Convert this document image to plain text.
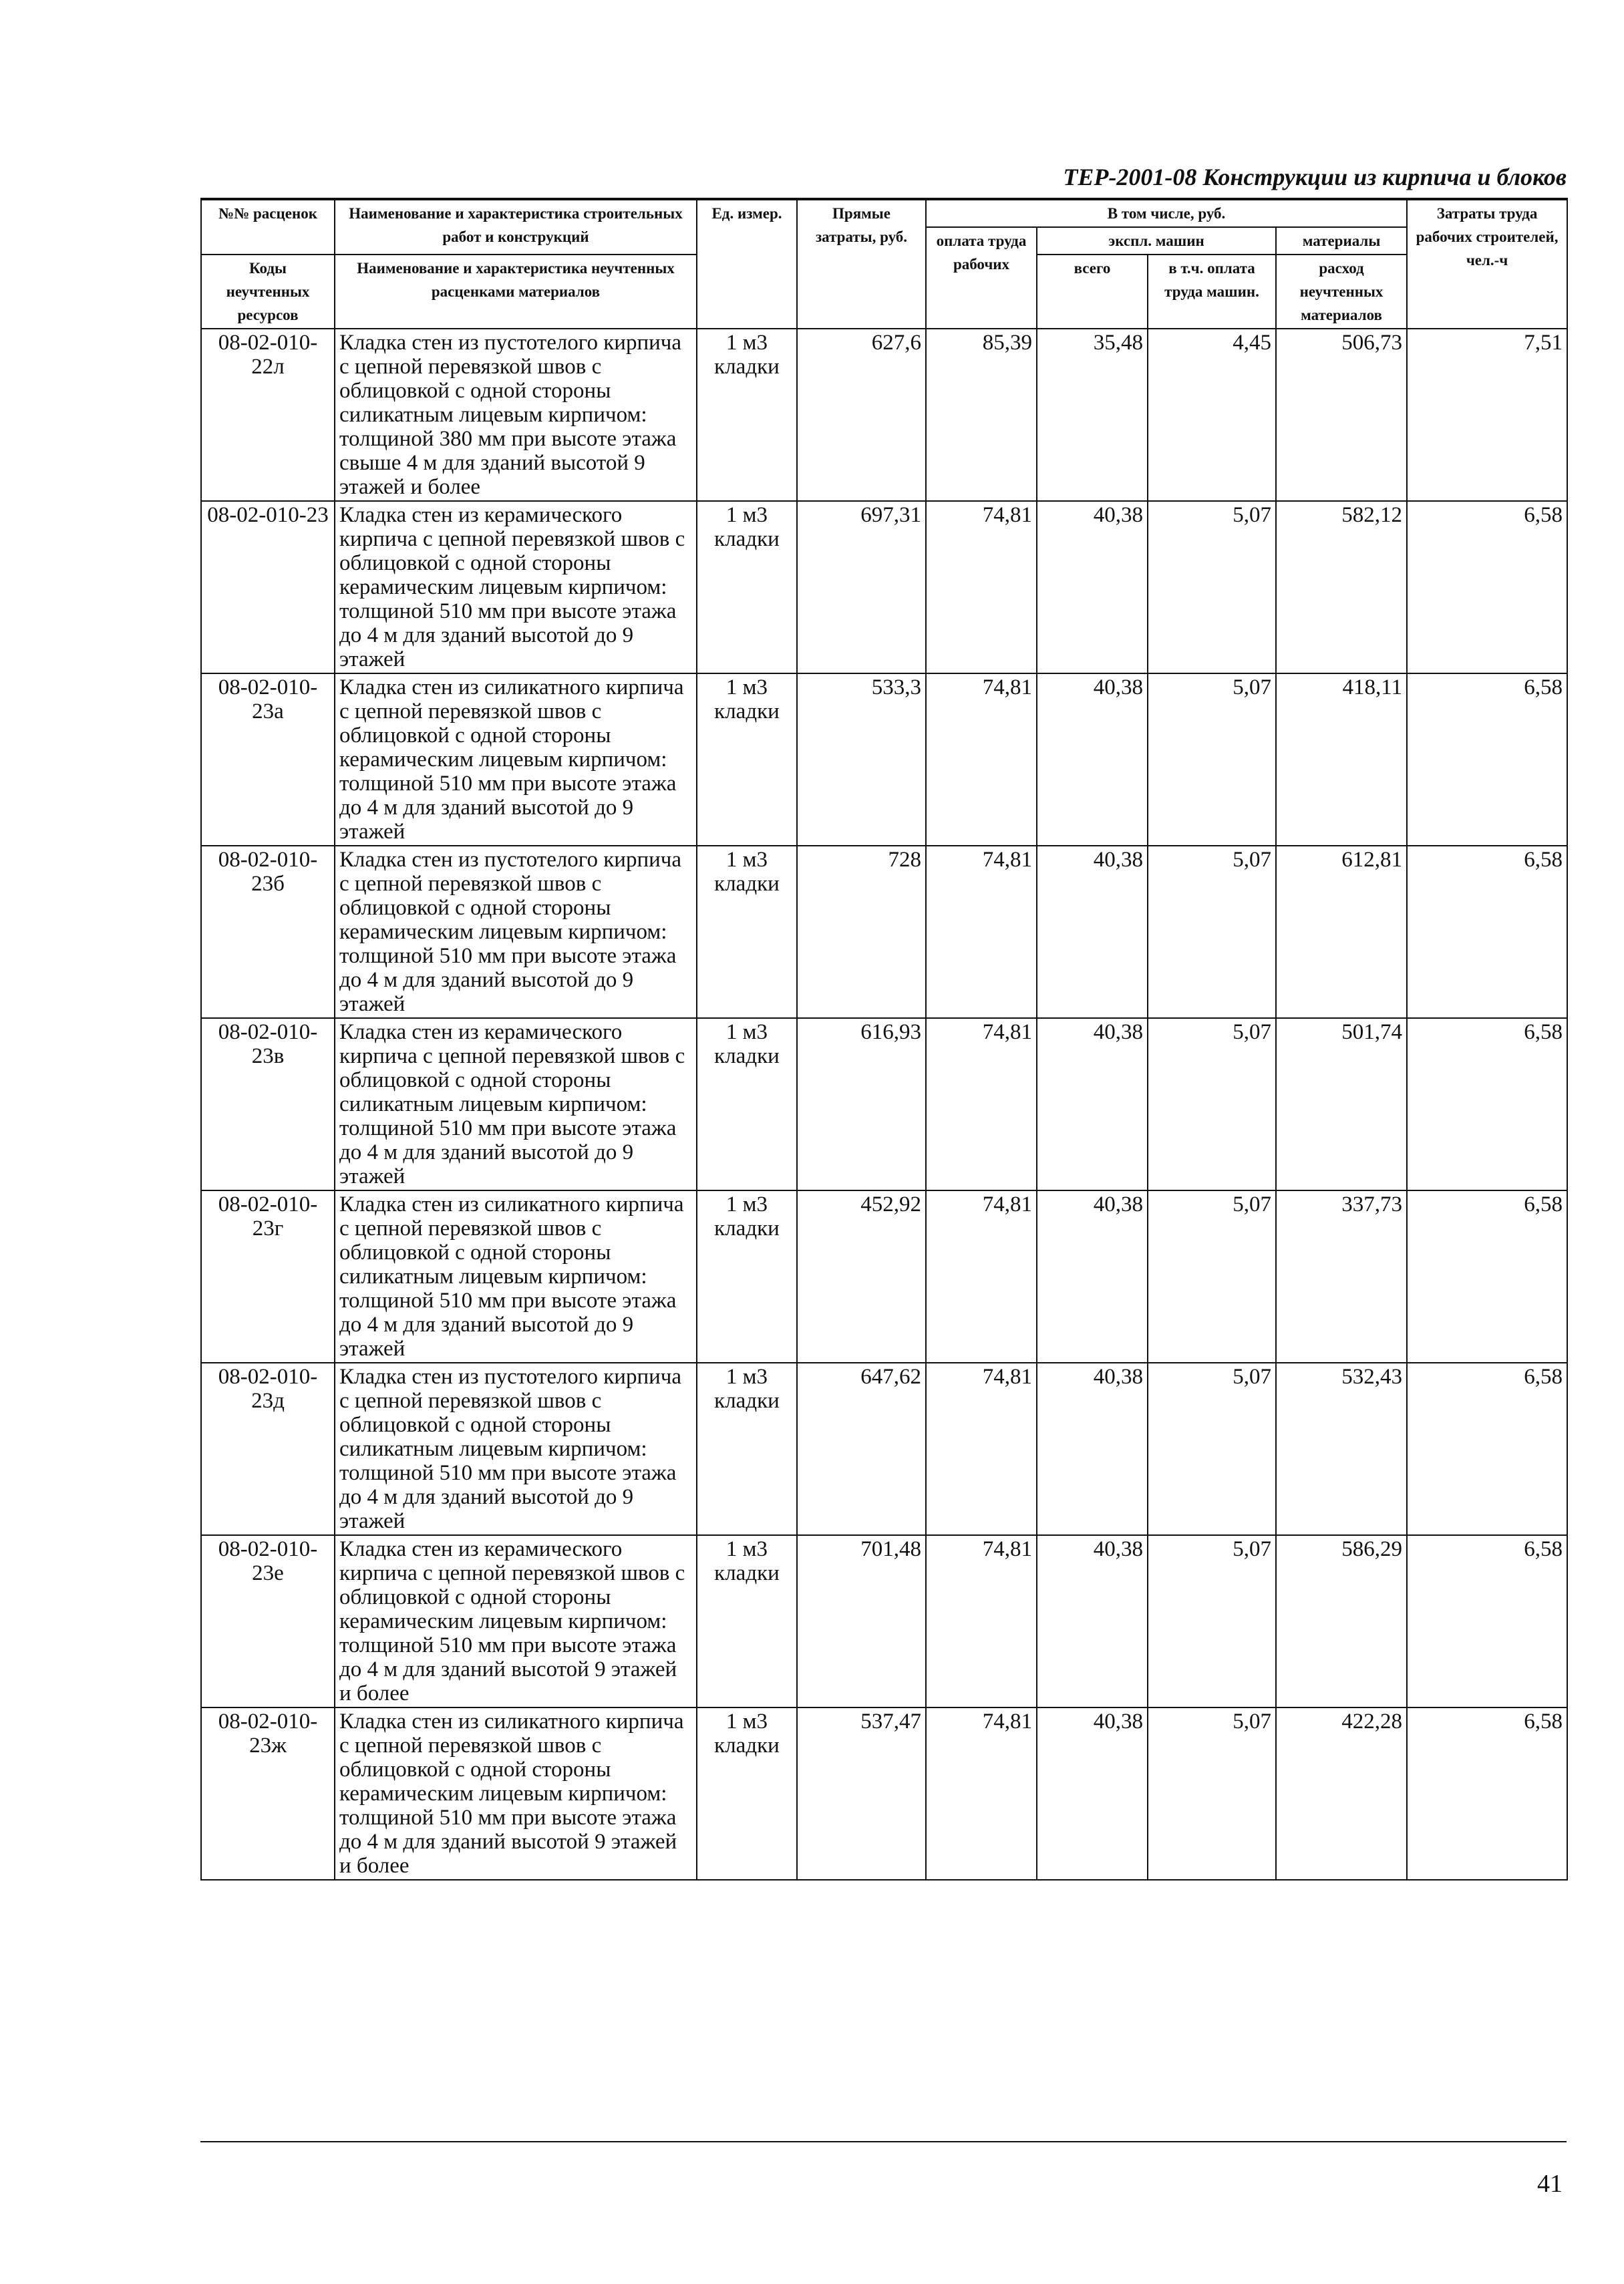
ТЕР-2001-08 Конструкции из кирпича и блоков
№№ расценок	Наименование и характеристика строительных работ и конструкций	Ед. измер.	Прямые затраты, руб.	В том числе, руб.				Затраты труда рабочих строителей, чел.-ч
				оплата труда рабочих	экспл. машин		материалы	
Коды неучтенных ресурсов	Наименование и характеристика неучтенных расценками материалов				всего	в т.ч. оплата труда машин.	расход неучтенных материалов	

08-02-010-22л	Кладка стен из пустотелого кирпича с цепной перевязкой швов с облицовкой с одной стороны силикатным лицевым кирпичом: толщиной 380 мм при высоте этажа свыше 4 м для зданий высотой 9 этажей и более	1 м3 кладки	627,6	85,39	35,48	4,45	506,73	7,51
08-02-010-23	Кладка стен из керамического кирпича с цепной перевязкой швов с облицовкой с одной стороны керамическим лицевым кирпичом: толщиной 510 мм при высоте этажа до 4 м для зданий высотой до 9 этажей	1 м3 кладки	697,31	74,81	40,38	5,07	582,12	6,58
08-02-010-23а	Кладка стен из силикатного кирпича с цепной перевязкой швов с облицовкой с одной стороны керамическим лицевым кирпичом: толщиной 510 мм при высоте этажа до 4 м для зданий высотой до 9 этажей	1 м3 кладки	533,3	74,81	40,38	5,07	418,11	6,58
08-02-010-23б	Кладка стен из пустотелого кирпича с цепной перевязкой швов с облицовкой с одной стороны керамическим лицевым кирпичом: толщиной 510 мм при высоте этажа до 4 м для зданий высотой до 9 этажей	1 м3 кладки	728	74,81	40,38	5,07	612,81	6,58
08-02-010-23в	Кладка стен из керамического кирпича с цепной перевязкой швов с облицовкой с одной стороны силикатным лицевым кирпичом: толщиной 510 мм при высоте этажа до 4 м для зданий высотой до 9 этажей	1 м3 кладки	616,93	74,81	40,38	5,07	501,74	6,58
08-02-010-23г	Кладка стен из силикатного кирпича с цепной перевязкой швов с облицовкой с одной стороны силикатным лицевым кирпичом: толщиной 510 мм при высоте этажа до 4 м для зданий высотой до 9 этажей	1 м3 кладки	452,92	74,81	40,38	5,07	337,73	6,58
08-02-010-23д	Кладка стен из пустотелого кирпича с цепной перевязкой швов с облицовкой с одной стороны силикатным лицевым кирпичом: толщиной 510 мм при высоте этажа до 4 м для зданий высотой до 9 этажей	1 м3 кладки	647,62	74,81	40,38	5,07	532,43	6,58
08-02-010-23е	Кладка стен из керамического кирпича с цепной перевязкой швов с облицовкой с одной стороны керамическим лицевым кирпичом: толщиной 510 мм при высоте этажа до 4 м для зданий высотой 9 этажей и более	1 м3 кладки	701,48	74,81	40,38	5,07	586,29	6,58
08-02-010-23ж	Кладка стен из силикатного кирпича с цепной перевязкой швов с облицовкой с одной стороны керамическим лицевым кирпичом: толщиной 510 мм при высоте этажа до 4 м для зданий высотой 9 этажей и более	1 м3 кладки	537,47	74,81	40,38	5,07	422,28	6,58
41
